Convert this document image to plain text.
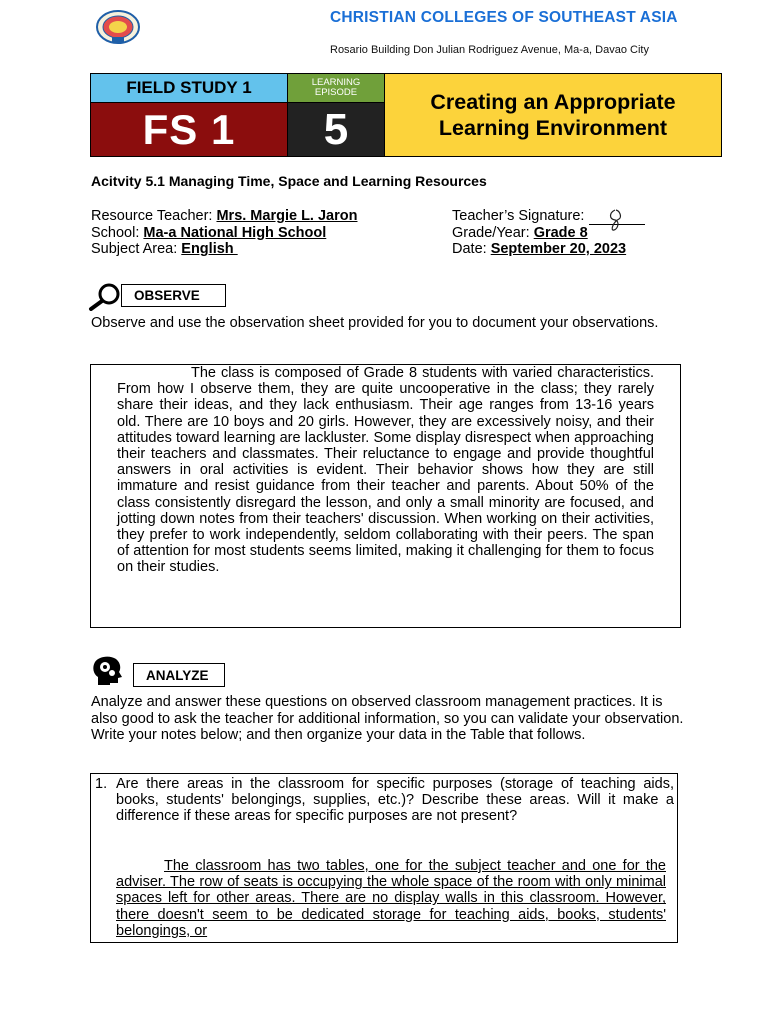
CHRISTIAN COLLEGES OF SOUTHEAST ASIA
Rosario Building Don Julian Rodriguez Avenue, Ma-a, Davao City
FIELD STUDY 1
FS 1
LEARNING
EPISODE
5
Creating an Appropriate
Learning Environment
Acitvity 5.1 Managing Time, Space and Learning Resources
Resource Teacher: Mrs. Margie L. Jaron
School: Ma-a National High School
Subject Area: English
Teacher’s Signature:
Grade/Year: Grade 8
Date: September 20, 2023
OBSERVE
Observe and use the observation sheet provided for you to document your observations.

The class is composed of Grade 8 students with varied characteristics. From how I observe them, they are quite uncooperative in the class; they rarely share their ideas, and they lack enthusiasm. Their age ranges from 13-16 years old. There are 10 boys and 20 girls. However, they are excessively noisy, and their attitudes toward learning are lackluster. Some display disrespect when approaching their teachers and classmates. Their reluctance to engage and provide thoughtful answers in oral activities is evident. Their behavior shows how they are still immature and resist guidance from their teacher and parents. About 50% of the class consistently disregard the lesson, and only a small minority are focused, and jotting down notes from their teachers' discussion. When working on their activities, they prefer to work independently, seldom collaborating with their peers. The span of attention for most students seems limited, making it challenging for them to focus on their studies.

ANALYZE
Analyze and answer these questions on observed classroom management practices. It is also good to ask the teacher for additional information, so you can validate your observation. Write your notes below; and then organize your data in the Table that follows.
1. Are there areas in the classroom for specific purposes (storage of teaching aids, books, students' belongings, supplies, etc.)? Describe these areas. Will it make a difference if these areas for specific purposes are not present?
The classroom has two tables, one for the subject teacher and one for the adviser. The row of seats is occupying the whole space of the room with only minimal spaces left for other areas. There are no display walls in this classroom. However, there doesn't seem to be dedicated storage for teaching aids, books, students' belongings, or
